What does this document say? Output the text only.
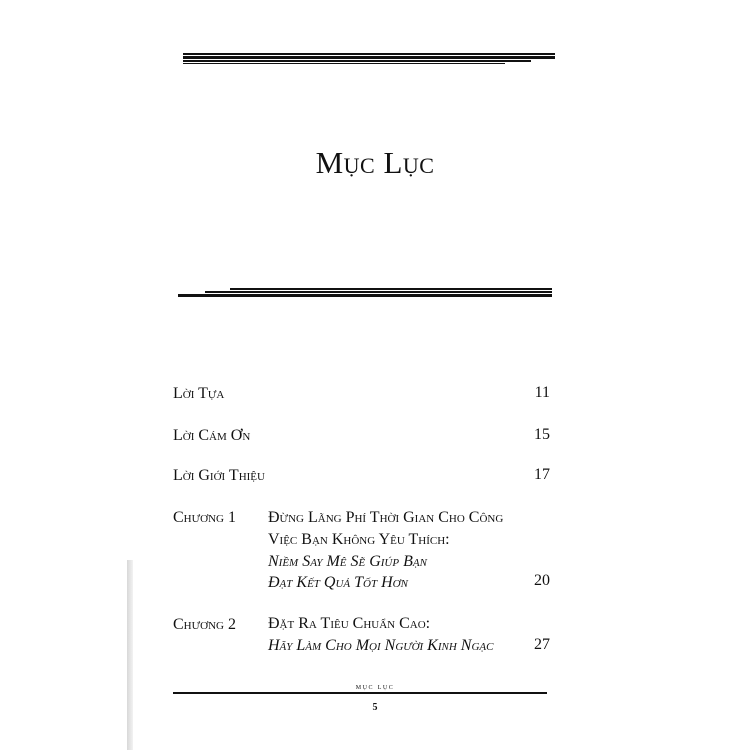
Mục Lục
Lời Tựa	11
Lời Cám Ơn	15
Lời Giới Thiệu	17
Chương 1 Đừng Lãng Phí Thời Gian Cho Công
Việc Bạn Không Yêu Thích:
Niềm Say Mê Sẽ Giúp Bạn
Đạt Kết Quả Tốt Hơn	20
Chương 2 Đặt Ra Tiêu Chuẩn Cao:
Hãy Làm Cho Mọi Người Kinh Ngạc	27
mục lục
5
